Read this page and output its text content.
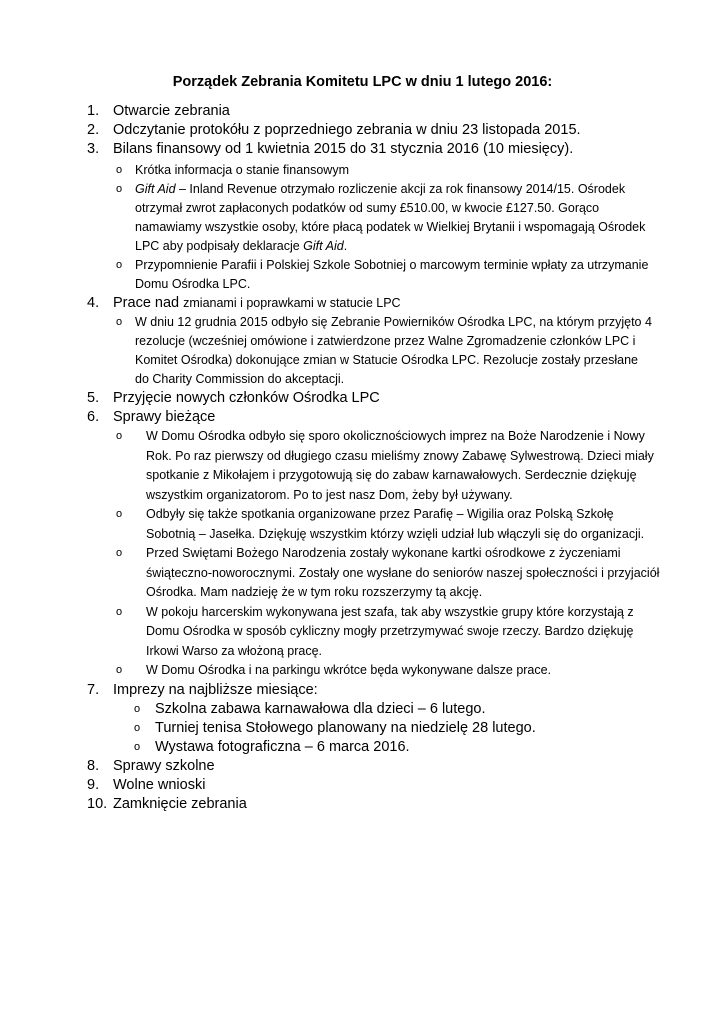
Porządek Zebrania Komitetu LPC w dniu 1 lutego 2016:
1. Otwarcie zebrania
2. Odczytanie protokółu z poprzedniego zebrania w dniu 23 listopada 2015.
3. Bilans finansowy od 1 kwietnia 2015 do 31 stycznia 2016 (10 miesięcy).
o Krótka informacja o stanie finansowym
o Gift Aid – Inland Revenue otrzymało rozliczenie akcji za rok finansowy 2014/15. Ośrodek otrzymał zwrot zapłaconych podatków od sumy £510.00, w kwocie £127.50. Gorąco namawiamy wszystkie osoby, które płacą podatek w Wielkiej Brytanii i wspomagają Ośrodek LPC aby podpisały deklaracje Gift Aid.
o Przypomnienie Parafii i Polskiej Szkole Sobotniej o marcowym terminie wpłaty za utrzymanie Domu Ośrodka LPC.
4. Prace nad zmianami i poprawkami w statucie LPC
o W dniu 12 grudnia 2015 odbyło się Zebranie Powierników Ośrodka LPC, na którym przyjęto 4 rezolucje (wcześniej omówione i zatwierdzone przez Walne Zgromadzenie członków LPC i Komitet Ośrodka) dokonujące zmian w Statucie Ośrodka LPC. Rezolucje zostały przesłane do Charity Commission do akceptacji.
5. Przyjęcie nowych członków Ośrodka LPC
6. Sprawy bieżące
o W Domu Ośrodka odbyło się sporo okolicznościowych imprez na Boże Narodzenie i Nowy Rok. Po raz pierwszy od długiego czasu mieliśmy znowy Zabawę Sylwestrową. Dzieci miały spotkanie z Mikołajem i przygotowują się do zabaw karnawałowych. Serdecznie dziękuję wszystkim organizatorom. Po to jest nasz Dom, żeby był używany.
o Odbyły się także spotkania organizowane przez Parafię – Wigilia oraz Polską Szkołę Sobotnią – Jasełka. Dziękuję wszystkim którzy wzięli udział lub włączyli się do organizacji.
o Przed Swiętami Bożego Narodzenia zostały wykonane kartki ośrodkowe z życzeniami świąteczno-noworocznymi. Zostały one wysłane do seniorów naszej społeczności i przyjaciół Ośrodka. Mam nadzieję że w tym roku rozszerzymy tą akcję.
o W pokoju harcerskim wykonywana jest szafa, tak aby wszystkie grupy które korzystają z Domu Ośrodka w sposób cykliczny mogły przetrzymywać swoje rzeczy. Bardzo dziękuję Irkowi Warso za włożoną pracę.
o W Domu Ośrodka i na parkingu wkrótce będa wykonywane dalsze prace.
7. Imprezy na najbliższe miesiące:
o Szkolna zabawa karnawałowa dla dzieci – 6 lutego.
o Turniej tenisa Stołowego planowany na niedzielę 28 lutego.
o Wystawa fotograficzna – 6 marca 2016.
8. Sprawy szkolne
9. Wolne wnioski
10. Zamknięcie zebrania
